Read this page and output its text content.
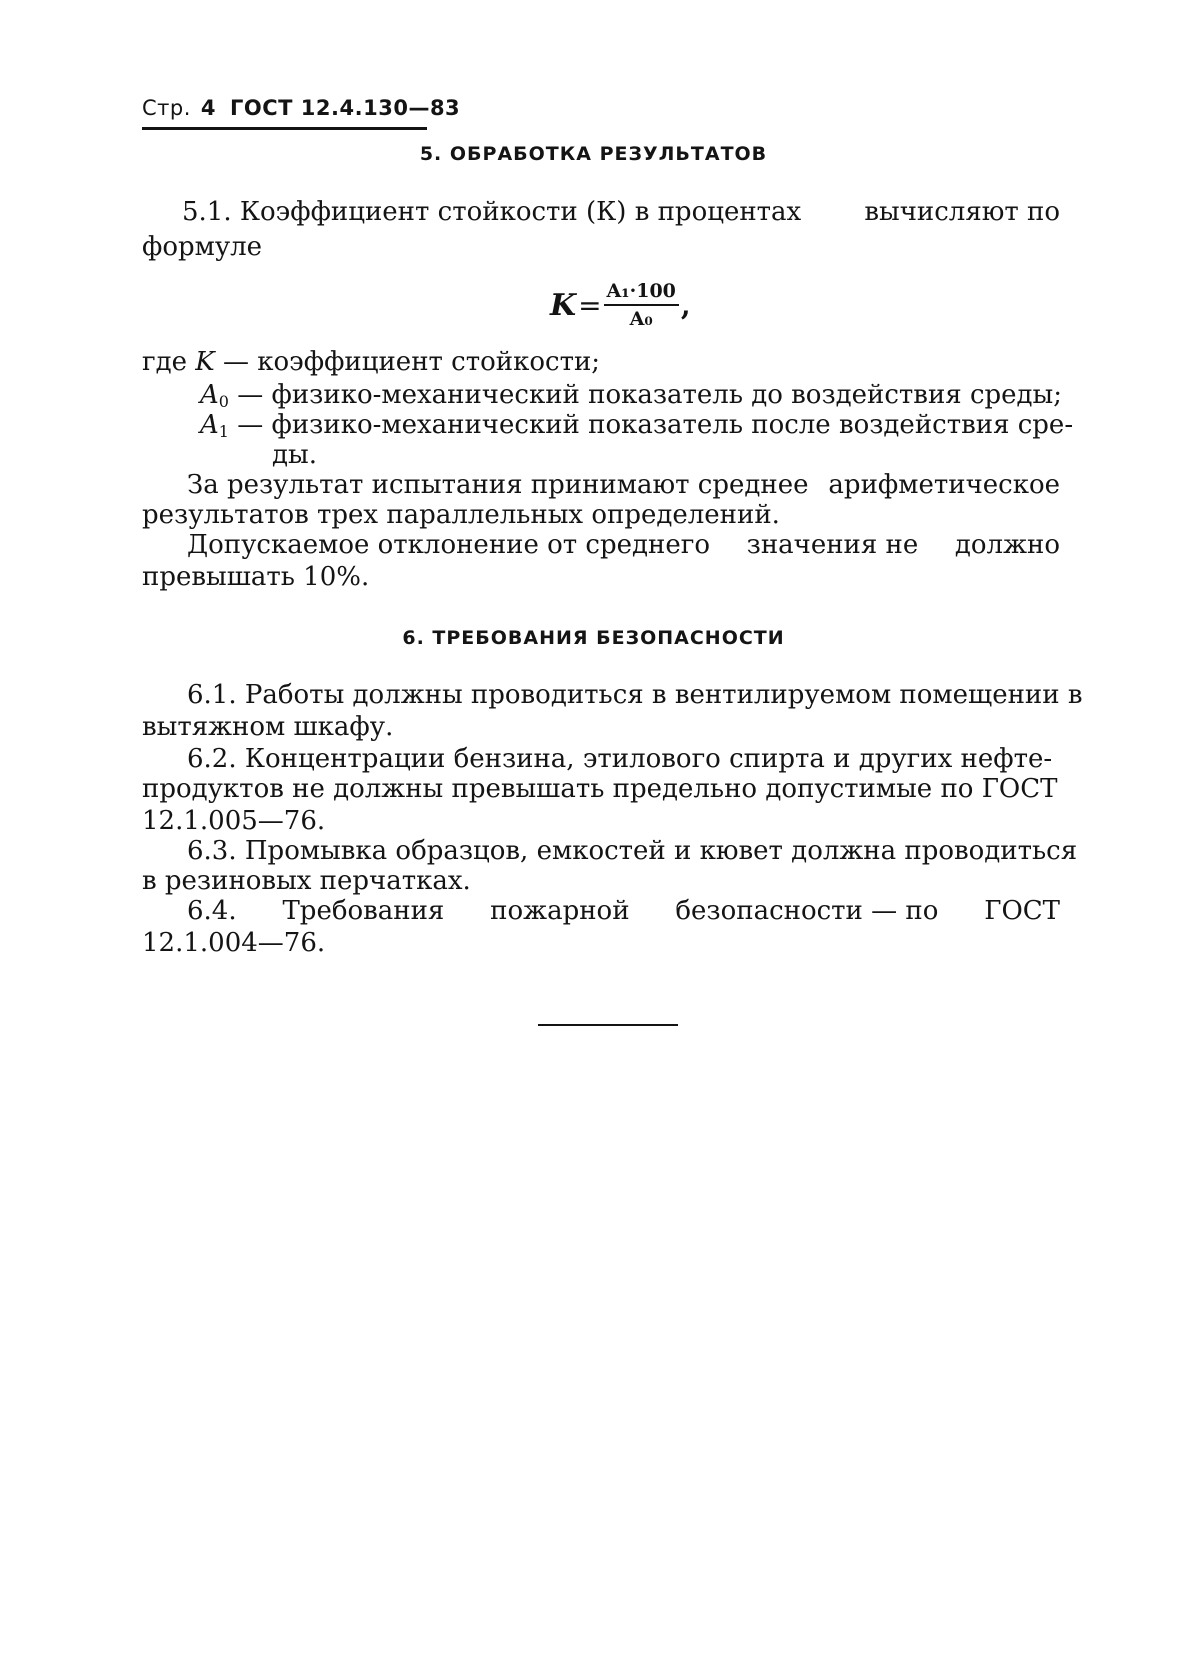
Стр. 4 ГОСТ 12.4.130—83
5. ОБРАБОТКА РЕЗУЛЬТАТОВ
5.1. Коэффициент стойкости (К) в процентах вычисляют по
формуле
$K = \frac{\text{A₁·100}}{\text{A₀}}$ ,
где K — коэффициент стойкости;
$A_0$ — физико-механический показатель до воздействия среды;
$A_1$ — физико-механический показатель после воздействия сре-
ды.
За результат испытания принимают среднее арифметическое
результатов трех параллельных определений.
Допускаемое отклонение от среднего значения не должно
превышать 10%.
6. ТРЕБОВАНИЯ БЕЗОПАСНОСТИ
6.1. Работы должны проводиться в вентилируемом помещении в
вытяжном шкафу.
6.2. Концентрации бензина, этилового спирта и других нефте-
продуктов не должны превышать предельно допустимые по ГОСТ
12.1.005—76.
6.3. Промывка образцов, емкостей и кювет должна проводиться
в резиновых перчатках.
6.4. Требования пожарной безопасности — по ГОСТ
12.1.004—76.
